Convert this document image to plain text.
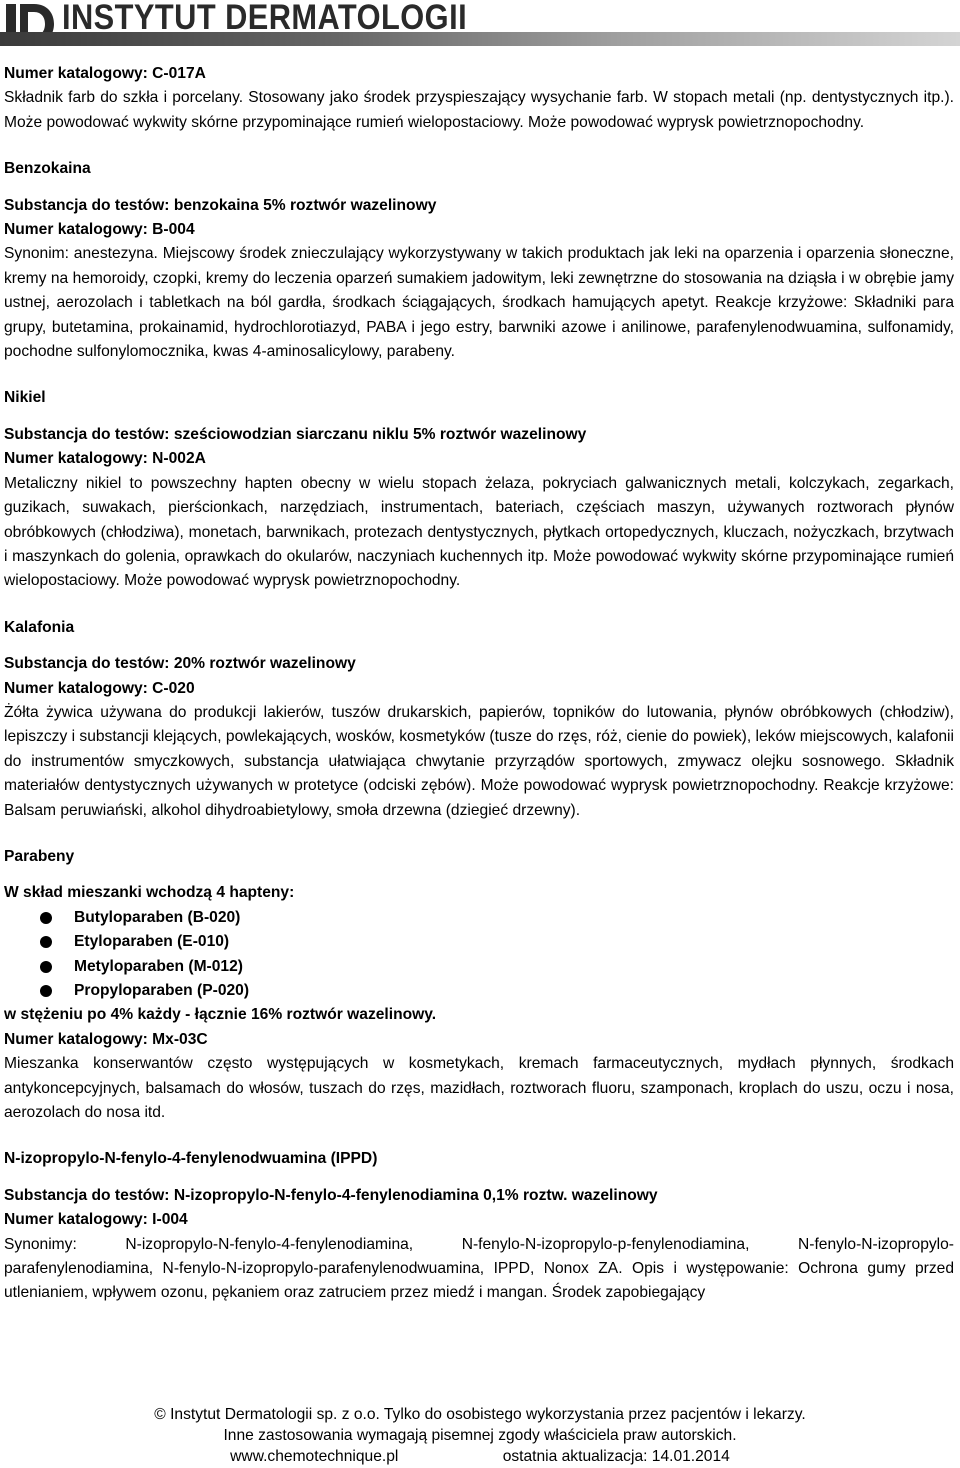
INSTYTUT DERMATOLOGII

Numer katalogowy: C-017A

Składnik farb do szkła i porcelany. Stosowany jako środek przyspieszający wysychanie farb. W stopach metali (np. dentystycznych itp.). Może powodować wykwity skórne przypominające rumień wielopostaciowy. Może powodować wyprysk powietrznopochodny.

Benzokaina

Substancja do testów: benzokaina 5% roztwór wazelinowy

Numer katalogowy: B-004

Synonim: anestezyna. Miejscowy środek znieczulający wykorzystywany w takich produktach jak leki na oparzenia i oparzenia słoneczne, kremy na hemoroidy, czopki, kremy do leczenia oparzeń sumakiem jadowitym, leki zewnętrzne do stosowania na dziąsła i w obrębie jamy ustnej, aerozolach i tabletkach na ból gardła, środkach ściągających, środkach hamujących apetyt. Reakcje krzyżowe: Składniki para grupy, butetamina, prokainamid, hydrochlorotiazyd, PABA i jego estry, barwniki azowe i anilinowe, parafenylenodwuamina, sulfonamidy, pochodne sulfonylomocznika, kwas 4-aminosalicylowy, parabeny.

Nikiel

Substancja do testów: sześciowodzian siarczanu niklu 5% roztwór wazelinowy

Numer katalogowy: N-002A

Metaliczny nikiel to powszechny hapten obecny w wielu stopach żelaza, pokryciach galwanicznych metali, kolczykach, zegarkach, guzikach, suwakach, pierścionkach, narzędziach, instrumentach, bateriach, częściach maszyn, używanych roztworach płynów obróbkowych (chłodziwa), monetach, barwnikach, protezach dentystycznych, płytkach ortopedycznych, kluczach, nożyczkach, brzytwach i maszynkach do golenia, oprawkach do okularów, naczyniach kuchennych itp. Może powodować wykwity skórne przypominające rumień wielopostaciowy. Może powodować wyprysk powietrznopochodny.

Kalafonia

Substancja do testów: 20% roztwór wazelinowy

Numer katalogowy: C-020

Żółta żywica używana do produkcji lakierów, tuszów drukarskich, papierów, topników do lutowania, płynów obróbkowych (chłodziw), lepiszczy i substancji klejących, powlekających, wosków, kosmetyków (tusze do rzęs, róż, cienie do powiek), leków miejscowych, kalafonii do instrumentów smyczkowych, substancja ułatwiająca chwytanie przyrządów sportowych, zmywacz olejku sosnowego. Składnik materiałów dentystycznych używanych w protetyce (odciski zębów). Może powodować wyprysk powietrznopochodny. Reakcje krzyżowe: Balsam peruwiański, alkohol dihydroabietylowy, smoła drzewna (dziegieć drzewny).

Parabeny

W skład mieszanki wchodzą 4 hapteny:

Butyloparaben (B-020)
Etyloparaben (E-010)
Metyloparaben (M-012)
Propyloparaben (P-020)

w stężeniu po 4% każdy - łącznie 16% roztwór wazelinowy.

Numer katalogowy: Mx-03C

Mieszanka konserwantów często występujących w kosmetykach, kremach farmaceutycznych, mydłach płynnych, środkach antykoncepcyjnych, balsamach do włosów, tuszach do rzęs, mazidłach, roztworach fluoru, szamponach, kroplach do uszu, oczu i nosa, aerozolach do nosa itd.

N-izopropylo-N-fenylo-4-fenylenodwuamina (IPPD)

Substancja do testów: N-izopropylo-N-fenylo-4-fenylenodiamina 0,1% roztw. wazelinowy

Numer katalogowy: I-004

Synonimy: N-izopropylo-N-fenylo-4-fenylenodiamina, N-fenylo-N-izopropylo-p-fenylenodiamina, N-fenylo-N-izopropylo-parafenylenodiamina, N-fenylo-N-izopropylo-parafenylenodwuamina, IPPD, Nonox ZA. Opis i występowanie: Ochrona gumy przed utlenianiem, wpływem ozonu, pękaniem oraz zatruciem przez miedź i mangan. Środek zapobiegający

© Instytut Dermatologii sp. z o.o. Tylko do osobistego wykorzystania przez pacjentów i lekarzy.
Inne zastosowania wymagają pisemnej zgody właściciela praw autorskich.
www.chemotechnique.pl	ostatnia aktualizacja: 14.01.2014
